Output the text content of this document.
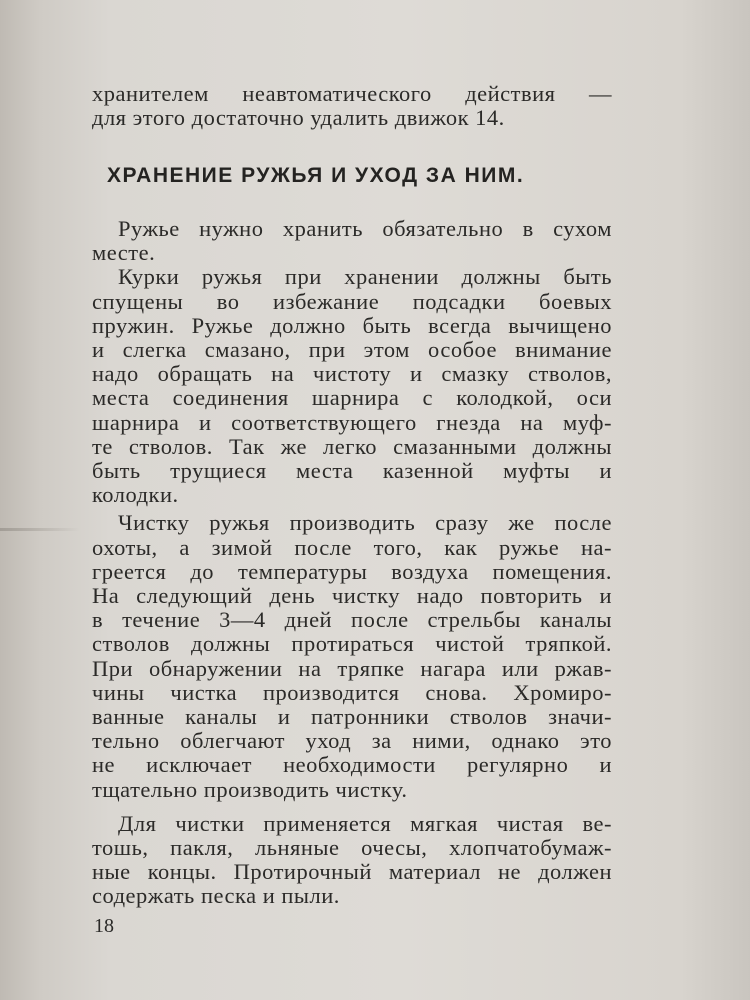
хранителем неавтоматического действия —
для этого достаточно удалить движок 14.
ХРАНЕНИЕ РУЖЬЯ И УХОД ЗА НИМ.
Ружье нужно хранить обязательно в сухом
месте.
Курки ружья при хранении должны быть
спущены во избежание подсадки боевых
пружин. Ружье должно быть всегда вычищено
и слегка смазано, при этом особое внимание
надо обращать на чистоту и смазку стволов,
места соединения шарнира с колодкой, оси
шарнира и соответствующего гнезда на муф-
те стволов. Так же легко смазанными должны
быть трущиеся места казенной муфты и
колодки.
Чистку ружья производить сразу же после
охоты, а зимой после того, как ружье на-
греется до температуры воздуха помещения.
На следующий день чистку надо повторить и
в течение 3—4 дней после стрельбы каналы
стволов должны протираться чистой тряпкой.
При обнаружении на тряпке нагара или ржав-
чины чистка производится снова. Хромиро-
ванные каналы и патронники стволов значи-
тельно облегчают уход за ними, однако это
не исключает необходимости регулярно и
тщательно производить чистку.
Для чистки применяется мягкая чистая ве-
тошь, пакля, льняные очесы, хлопчатобумаж-
ные концы. Протирочный материал не должен
содержать песка и пыли.
18
